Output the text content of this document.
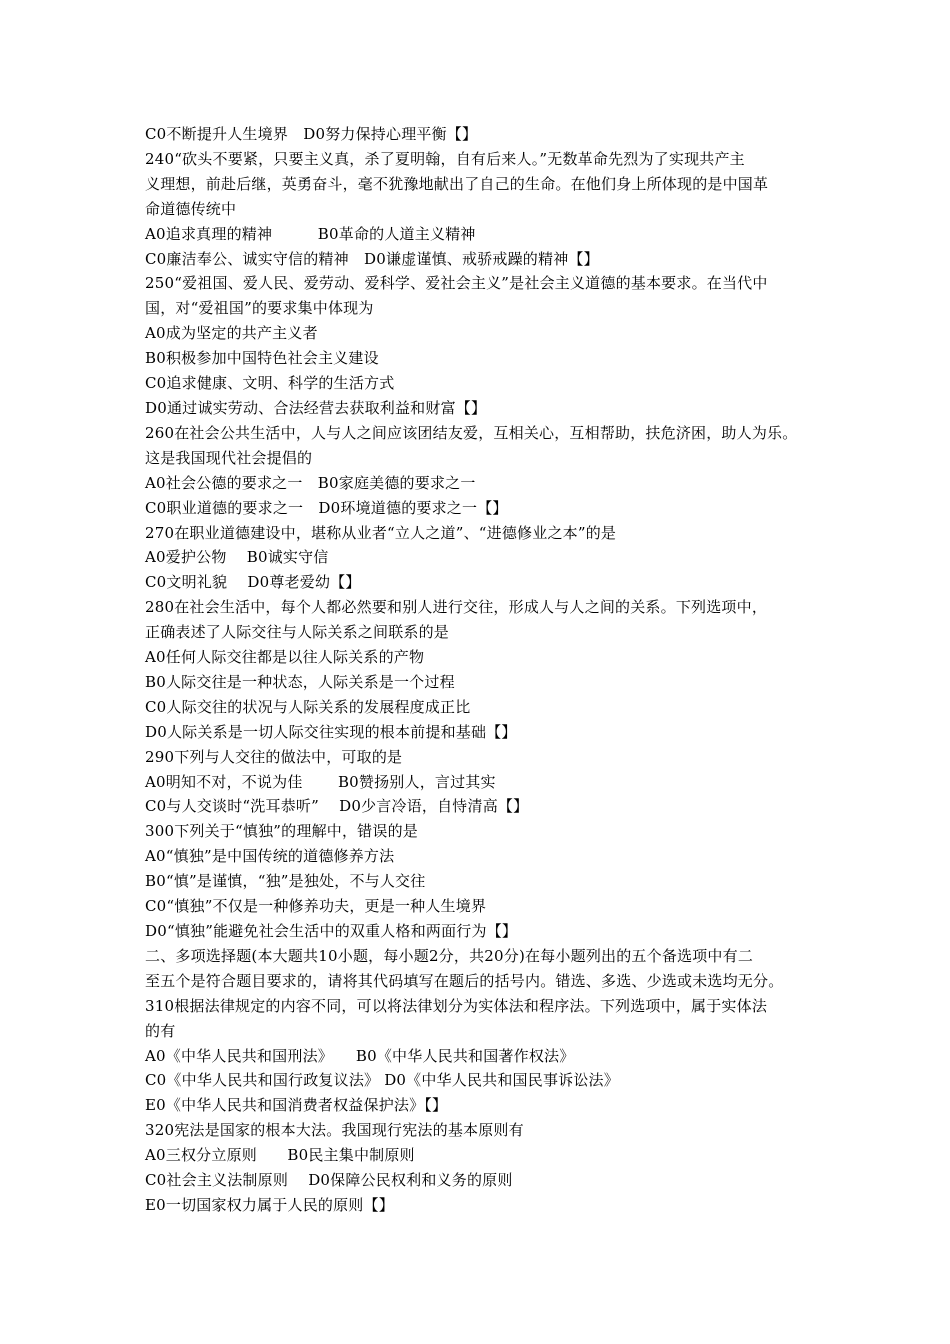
C0不断提升人生境界　D0努力保持心理平衡【】
240“砍头不要紧，只要主义真，杀了夏明翰，自有后来人。”无数革命先烈为了实现共产主
义理想，前赴后继，英勇奋斗，毫不犹豫地献出了自己的生命。在他们身上所体现的是中国革
命道德传统中
A0追求真理的精神　　　B0革命的人道主义精神
C0廉洁奉公、诚实守信的精神　D0谦虚谨慎、戒骄戒躁的精神【】
250“爱祖国、爱人民、爱劳动、爱科学、爱社会主义”是社会主义道德的基本要求。在当代中
国，对“爱祖国”的要求集中体现为
A0成为坚定的共产主义者
B0积极参加中国特色社会主义建设
C0追求健康、文明、科学的生活方式
D0通过诚实劳动、合法经营去获取利益和财富【】
260在社会公共生活中，人与人之间应该团结友爱，互相关心，互相帮助，扶危济困，助人为乐。
这是我国现代社会提倡的
A0社会公德的要求之一　B0家庭美德的要求之一
C0职业道德的要求之一　D0环境道德的要求之一【】
270在职业道德建设中，堪称从业者“立人之道”、“进德修业之本”的是
A0爱护公物　 B0诚实守信
C0文明礼貌　 D0尊老爱幼【】
280在社会生活中，每个人都必然要和别人进行交往，形成人与人之间的关系。下列选项中，
正确表述了人际交往与人际关系之间联系的是
A0任何人际交往都是以往人际关系的产物
B0人际交往是一种状态，人际关系是一个过程
C0人际交往的状况与人际关系的发展程度成正比
D0人际关系是一切人际交往实现的根本前提和基础【】
290下列与人交往的做法中，可取的是
A0明知不对，不说为佳　　 B0赞扬别人，言过其实
C0与人交谈时“洗耳恭听”　 D0少言冷语，自恃清高【】
300下列关于“慎独”的理解中，错误的是
A0“慎独”是中国传统的道德修养方法
B0“慎”是谨慎，“独”是独处，不与人交往
C0“慎独”不仅是一种修养功夫，更是一种人生境界
D0“慎独”能避免社会生活中的双重人格和两面行为【】
二、多项选择题(本大题共10小题，每小题2分，共20分)在每小题列出的五个备选项中有二
至五个是符合题目要求的，请将其代码填写在题后的括号内。错选、多选、少选或未选均无分。
310根据法律规定的内容不同，可以将法律划分为实体法和程序法。下列选项中，属于实体法
的有
A0《中华人民共和国刑法》　　B0《中华人民共和国著作权法》
C0《中华人民共和国行政复议法》 D0《中华人民共和国民事诉讼法》
E0《中华人民共和国消费者权益保护法》【】
320宪法是国家的根本大法。我国现行宪法的基本原则有
A0三权分立原则　　B0民主集中制原则
C0社会主义法制原则　 D0保障公民权利和义务的原则
E0一切国家权力属于人民的原则【】
